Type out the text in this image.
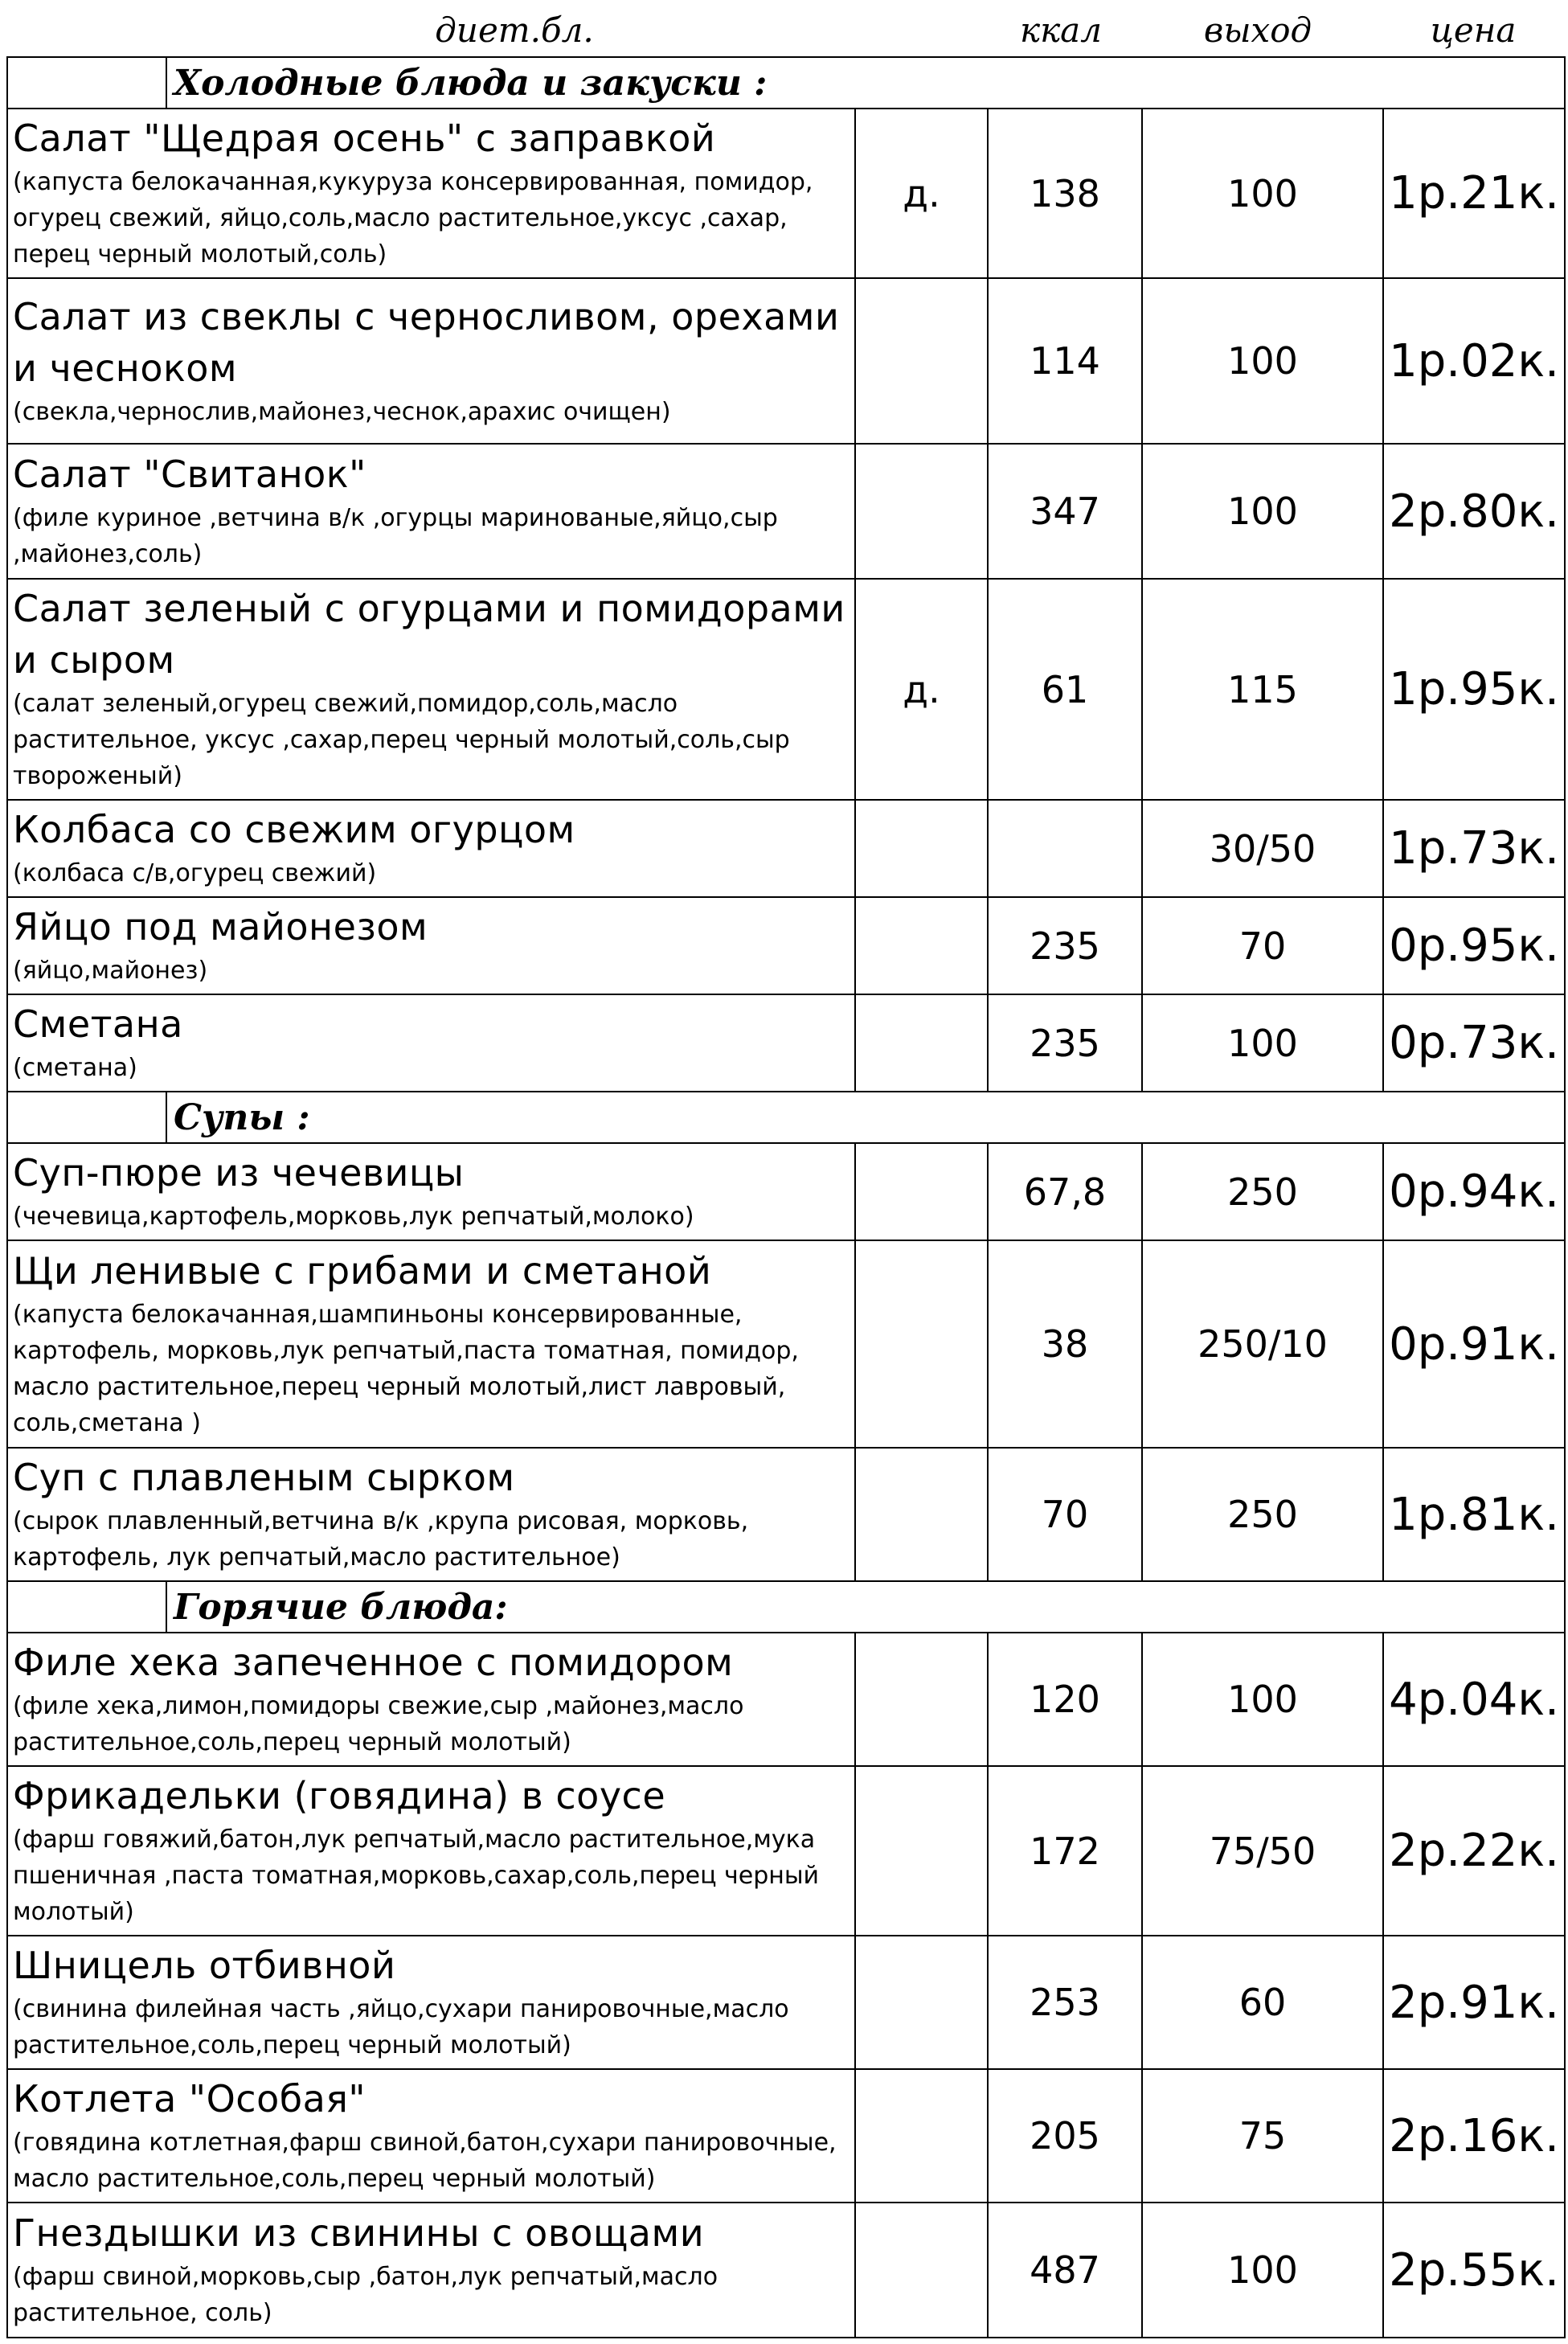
диет.бл.	ккал	выход	цена
Холодные блюда и закуски :				

Салат "Щедрая осень" с заправкой
(капуста белокачанная,кукуруза консервированная, помидор, огурец свежий, яйцо,соль,масло растительное,уксус ,сахар, перец черный молотый,соль)	д.	138	100	1р.21к.

Салат из свеклы с черносливом, орехами и чесноком
(свекла,чернослив,майонез,чеснок,арахис очищен)		114	100	1р.02к.

Салат "Свитанок"
(филе куриное ,ветчина в/к ,огурцы маринованые,яйцо,сыр ,майонез,соль)		347	100	2р.80к.

Салат зеленый с огурцами и помидорами и сыром
(салат зеленый,огурец свежий,помидор,соль,масло растительное, уксус ,сахар,перец черный молотый,соль,сыр твороженый)	д.	61	115	1р.95к.

Колбаса со свежим огурцом
(колбаса с/в,огурец свежий)			30/50	1р.73к.

Яйцо под майонезом
(яйцо,майонез)		235	70	0р.95к.

Сметана
(сметана)		235	100	0р.73к.

Супы :				

Суп-пюре из чечевицы
(чечевица,картофель,морковь,лук репчатый,молоко)		67,8	250	0р.94к.

Щи ленивые с грибами и сметаной
(капуста белокачанная,шампиньоны консервированные, картофель, морковь,лук репчатый,паста томатная, помидор, масло растительное,перец черный молотый,лист лавровый, соль,сметана )		38	250/10	0р.91к.

Суп с плавленым сырком
(сырок плавленный,ветчина в/к ,крупа рисовая, морковь, картофель, лук репчатый,масло растительное)		70	250	1р.81к.

Горячие блюда:				

Филе хека запеченное с помидором
(филе хека,лимон,помидоры свежие,сыр ,майонез,масло растительное,соль,перец черный молотый)		120	100	4р.04к.

Фрикадельки (говядина) в соусе
(фарш говяжий,батон,лук репчатый,масло растительное,мука пшеничная ,паста томатная,морковь,сахар,соль,перец черный молотый)		172	75/50	2р.22к.

Шницель отбивной
(свинина филейная часть ,яйцо,сухари панировочные,масло растительное,соль,перец черный молотый)		253	60	2р.91к.

Котлета "Особая"
(говядина котлетная,фарш свиной,батон,сухари панировочные, масло растительное,соль,перец черный молотый)		205	75	2р.16к.

Гнездышки из свинины с овощами
(фарш свиной,морковь,сыр ,батон,лук репчатый,масло растительное, соль)		487	100	2р.55к.
